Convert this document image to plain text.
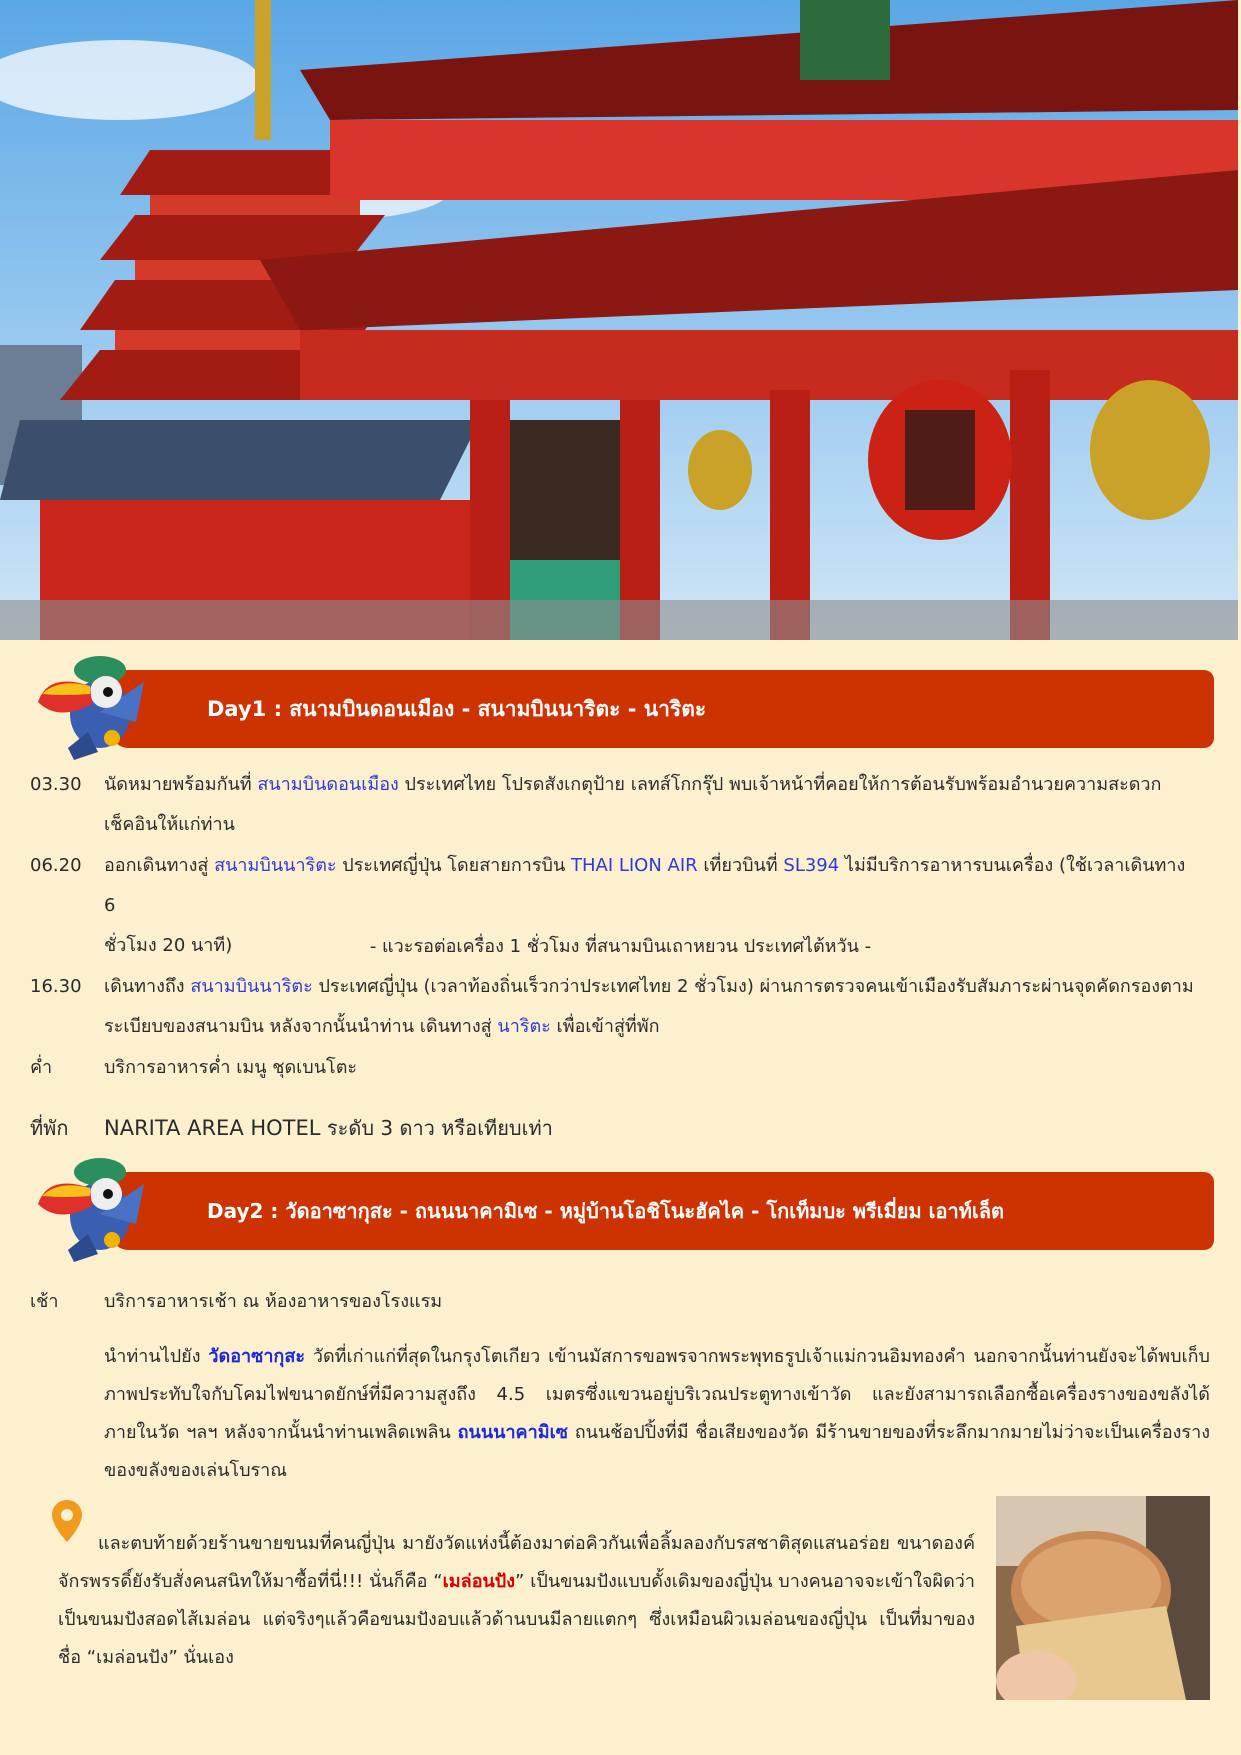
Day1 : สนามบินดอนเมือง - สนามบินนาริตะ - นาริตะ
03.30	นัดหมายพร้อมกันที่ สนามบินดอนเมือง ประเทศไทย โปรดสังเกตุป้าย เลทส์โกกรุ๊ป พบเจ้าหน้าที่คอยให้การต้อนรับพร้อมอำนวยความสะดวก
เช็คอินให้แก่ท่าน
06.20	ออกเดินทางสู่ สนามบินนาริตะ ประเทศญี่ปุ่น โดยสายการบิน THAI LION AIR เที่ยวบินที่ SL394 ไม่มีบริการอาหารบนเครื่อง (ใช้เวลาเดินทาง 6
ชั่วโมง 20 นาที)	- แวะรอต่อเครื่อง 1 ชั่วโมง ที่สนามบินเถาหยวน ประเทศไต้หวัน -
16.30	เดินทางถึง สนามบินนาริตะ ประเทศญี่ปุ่น (เวลาท้องถิ่นเร็วกว่าประเทศไทย 2 ชั่วโมง) ผ่านการตรวจคนเข้าเมืองรับสัมภาระผ่านจุดคัดกรองตาม
ระเบียบของสนามบิน หลังจากนั้นนำท่าน เดินทางสู่ นาริตะ เพื่อเข้าสู่ที่พัก
ค่ำ	บริการอาหารค่ำ เมนู ชุดเบนโตะ
ที่พัก	NARITA AREA HOTEL ระดับ 3 ดาว หรือเทียบเท่า
Day2 : วัดอาซากุสะ - ถนนนาคามิเซ - หมู่บ้านโอชิโนะฮัคไค - โกเท็มบะ พรีเมี่ยม เอาท์เล็ต
เช้า	บริการอาหารเช้า ณ ห้องอาหารของโรงแรม
นำท่านไปยัง วัดอาซากุสะ วัดที่เก่าแก่ที่สุดในกรุงโตเกียว เข้านมัสการขอพรจากพระพุทธรูปเจ้าแม่กวนอิมทองคำ นอกจากนั้นท่านยังจะได้พบเก็บภาพประทับใจกับโคมไฟขนาดยักษ์ที่มีความสูงถึง 4.5 เมตรซึ่งแขวนอยู่บริเวณประตูทางเข้าวัด และยังสามารถเลือกซื้อเครื่องรางของขลังได้ภายในวัด ฯลฯ หลังจากนั้นนำท่านเพลิดเพลิน ถนนนาคามิเซ ถนนช้อปปิ้งที่มี ชื่อเสียงของวัด มีร้านขายของที่ระลึกมากมายไม่ว่าจะเป็นเครื่องรางของขลังของเล่นโบราณ
และตบท้ายด้วยร้านขายขนมที่คนญี่ปุ่น มายังวัดแห่งนี้ต้องมาต่อคิวกันเพื่อลิ้มลองกับรสชาติสุดแสนอร่อย ขนาดองค์จักรพรรดิ์ยังรับสั่งคนสนิทให้มาซื้อที่นี่!!! นั่นก็คือ “เมล่อนปัง” เป็นขนมปังแบบดั้งเดิมของญี่ปุ่น บางคนอาจจะเข้าใจผิดว่าเป็นขนมปังสอดไส้เมล่อน แต่จริงๆแล้วคือขนมปังอบแล้วด้านบนมีลายแตกๆ ซึ่งเหมือนผิวเมล่อนของญี่ปุ่น เป็นที่มาของชื่อ “เมล่อนปัง” นั่นเอง
